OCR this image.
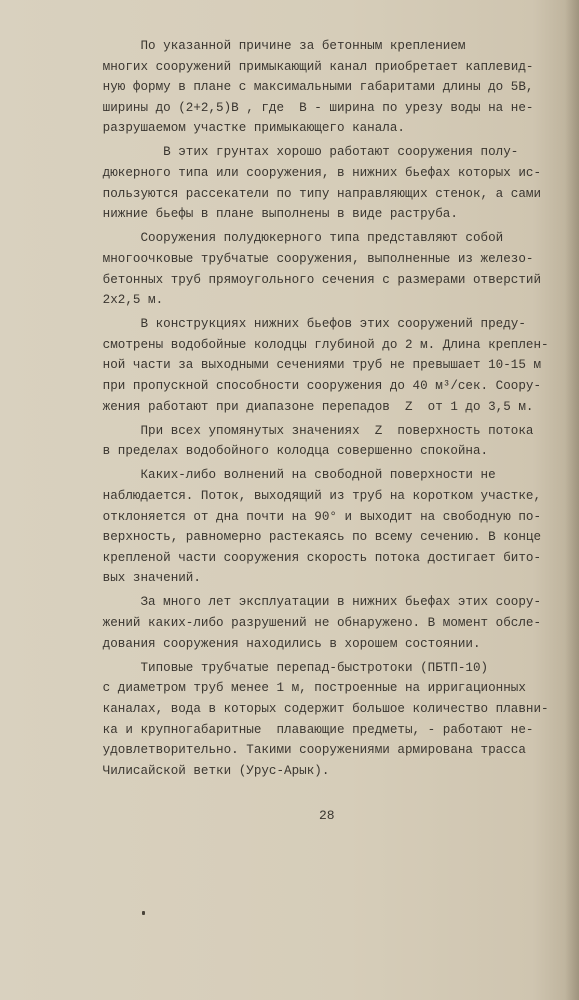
По указанной причине за бетонным креплением
многих сооружений примыкающий канал приобретает каплевид-
ную форму в плане с максимальными габаритами длины до 5В,
ширины до (2+2,5)В , где  В - ширина по урезу воды на не-
разрушаемом участке примыкающего канала.
В этих грунтах хорошо работают сооружения полу-
дюкерного типа или сооружения, в нижних бьефах которых ис-
пользуются рассекатели по типу направляющих стенок, а сами
нижние бьефы в плане выполнены в виде раструба.
Сооружения полудюкерного типа представляют собой
многоочковые трубчатые сооружения, выполненные из железо-
бетонных труб прямоугольного сечения с размерами отверстий
2х2,5 м.
В конструкциях нижних бьефов этих сооружений преду-
смотрены водобойные колодцы глубиной до 2 м. Длина креплен-
ной части за выходными сечениями труб не превышает 10-15 м
при пропускной способности сооружения до 40 м³/сек. Соору-
жения работают при диапазоне перепадов  Z  от 1 до 3,5 м.
При всех упомянутых значениях  Z  поверхность потока
в пределах водобойного колодца совершенно спокойна.
Каких-либо волнений на свободной поверхности не
наблюдается. Поток, выходящий из труб на коротком участке,
отклоняется от дна почти на 90° и выходит на свободную по-
верхность, равномерно растекаясь по всему сечению. В конце
крепленой части сооружения скорость потока достигает бито-
вых значений.
За много лет эксплуатации в нижних бьефах этих соору-
жений каких-либо разрушений не обнаружено. В момент обсле-
дования сооружения находились в хорошем состоянии.
Типовые трубчатые перепад-быстротоки (ПБТП-10)
с диаметром труб менее 1 м, построенные на ирригационных
каналах, вода в которых содержит большое количество плавни-
ка и крупногабаритные  плавающие предметы, - работают не-
удовлетворительно. Такими сооружениями армирована трасса
Чилисайской ветки (Урус-Арык).
28
